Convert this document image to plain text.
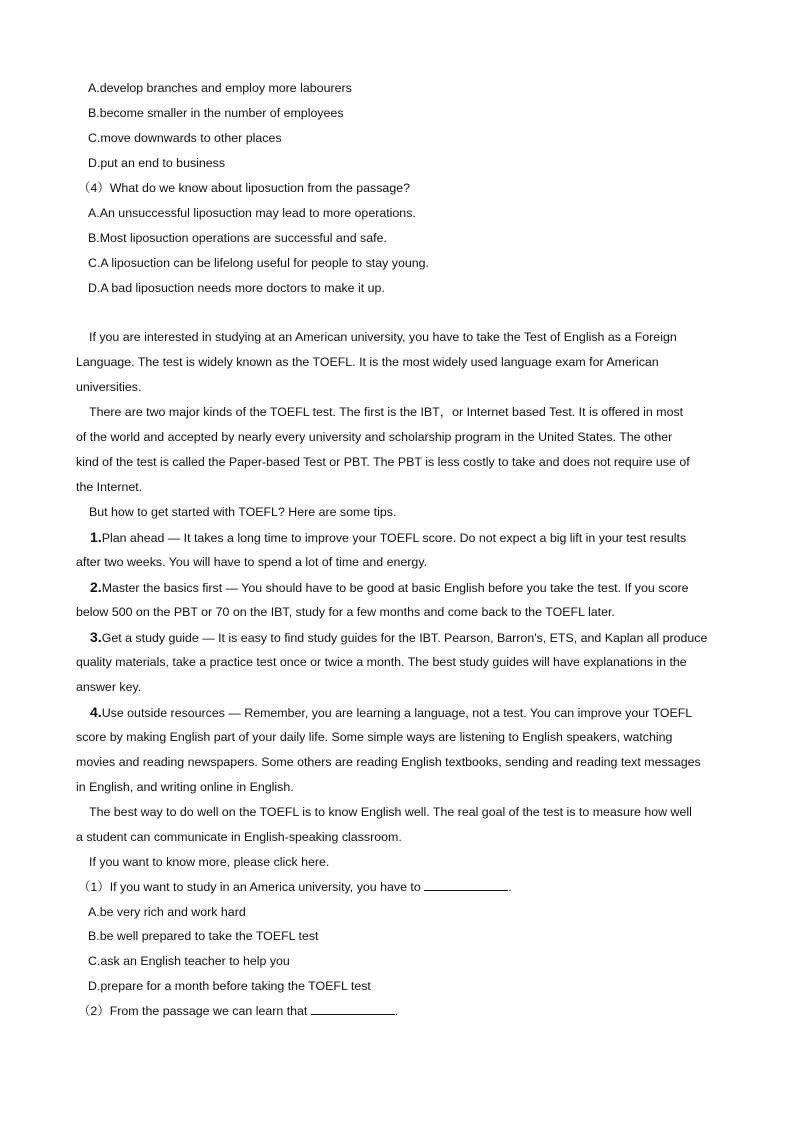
A.develop branches and employ more labourers
B.become smaller in the number of employees
C.move downwards to other places
D.put an end to business
（4）What do we know about liposuction from the passage?
A.An unsuccessful liposuction may lead to more operations.
B.Most liposuction operations are successful and safe.
C.A liposuction can be lifelong useful for people to stay young.
D.A bad liposuction needs more doctors to make it up.
If you are interested in studying at an American university, you have to take the Test of English as a Foreign
Language. The test is widely known as the TOEFL. It is the most widely used language exam for American
universities.
There are two major kinds of the TOEFL test. The first is the IBT，or Internet based Test. It is offered in most
of the world and accepted by nearly every university and scholarship program in the United States. The other
kind of the test is called the Paper-based Test or PBT. The PBT is less costly to take and does not require use of
the Internet.
But how to get started with TOEFL? Here are some tips.
1.Plan ahead — It takes a long time to improve your TOEFL score. Do not expect a big lift in your test results
after two weeks. You will have to spend a lot of time and energy.
2.Master the basics first — You should have to be good at basic English before you take the test. If you score
below 500 on the PBT or 70 on the IBT, study for a few months and come back to the TOEFL later.
3.Get a study guide — It is easy to find study guides for the IBT. Pearson, Barron's, ETS, and Kaplan all produce
quality materials, take a practice test once or twice a month. The best study guides will have explanations in the
answer key.
4.Use outside resources — Remember, you are learning a language, not a test. You can improve your TOEFL
score by making English part of your daily life. Some simple ways are listening to English speakers, watching
movies and reading newspapers. Some others are reading English textbooks, sending and reading text messages
in English, and writing online in English.
The best way to do well on the TOEFL is to know English well. The real goal of the test is to measure how well
a student can communicate in English-speaking classroom.
If you want to know more, please click here.
（1）If you want to study in an America university, you have to	.
A.be very rich and work hard
B.be well prepared to take the TOEFL test
C.ask an English teacher to help you
D.prepare for a month before taking the TOEFL test
（2）From the passage we can learn that	.
